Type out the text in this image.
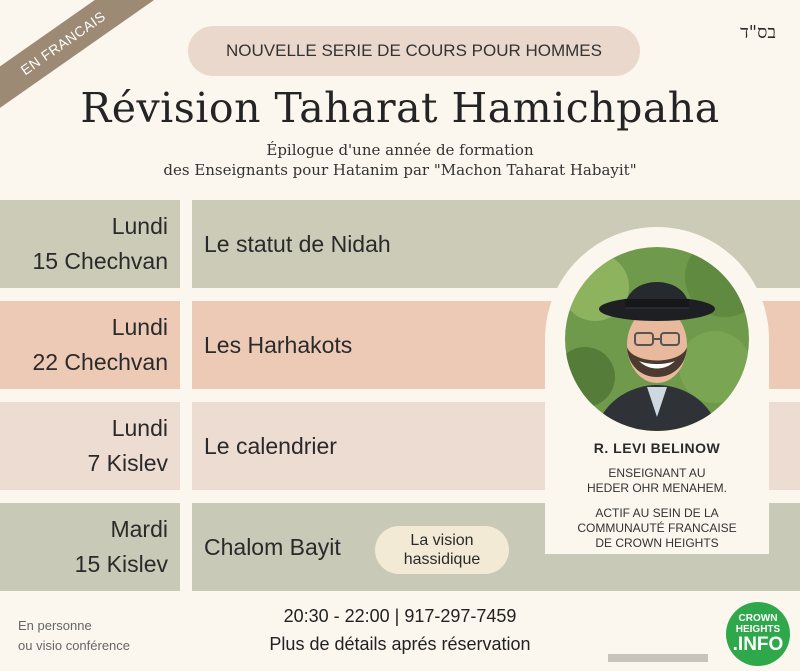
EN FRANCAIS	בס"ד
NOUVELLE SERIE DE COURS POUR HOMMES
Révision Taharat Hamichpaha
Épilogue d'une année de formation
des Enseignants pour Hatanim par "Machon Taharat Habayit"
Lundi
15 Chechvan
Le statut de Nidah
Lundi
22 Chechvan
Les Harhakots
Lundi
7 Kislev
Le calendrier
Mardi
15 Kislev
Chalom Bayit	La vision
hassidique
R. LEVI BELINOW
ENSEIGNANT AU
HEDER OHR MENAHEM.
ACTIF AU SEIN DE LA
COMMUNAUTÉ FRANCAISE
DE CROWN HEIGHTS
En personne
ou visio conférence
20:30 - 22:00 | 917-297-7459
Plus de détails aprés réservation
CROWN
HEIGHTS
.INFO
